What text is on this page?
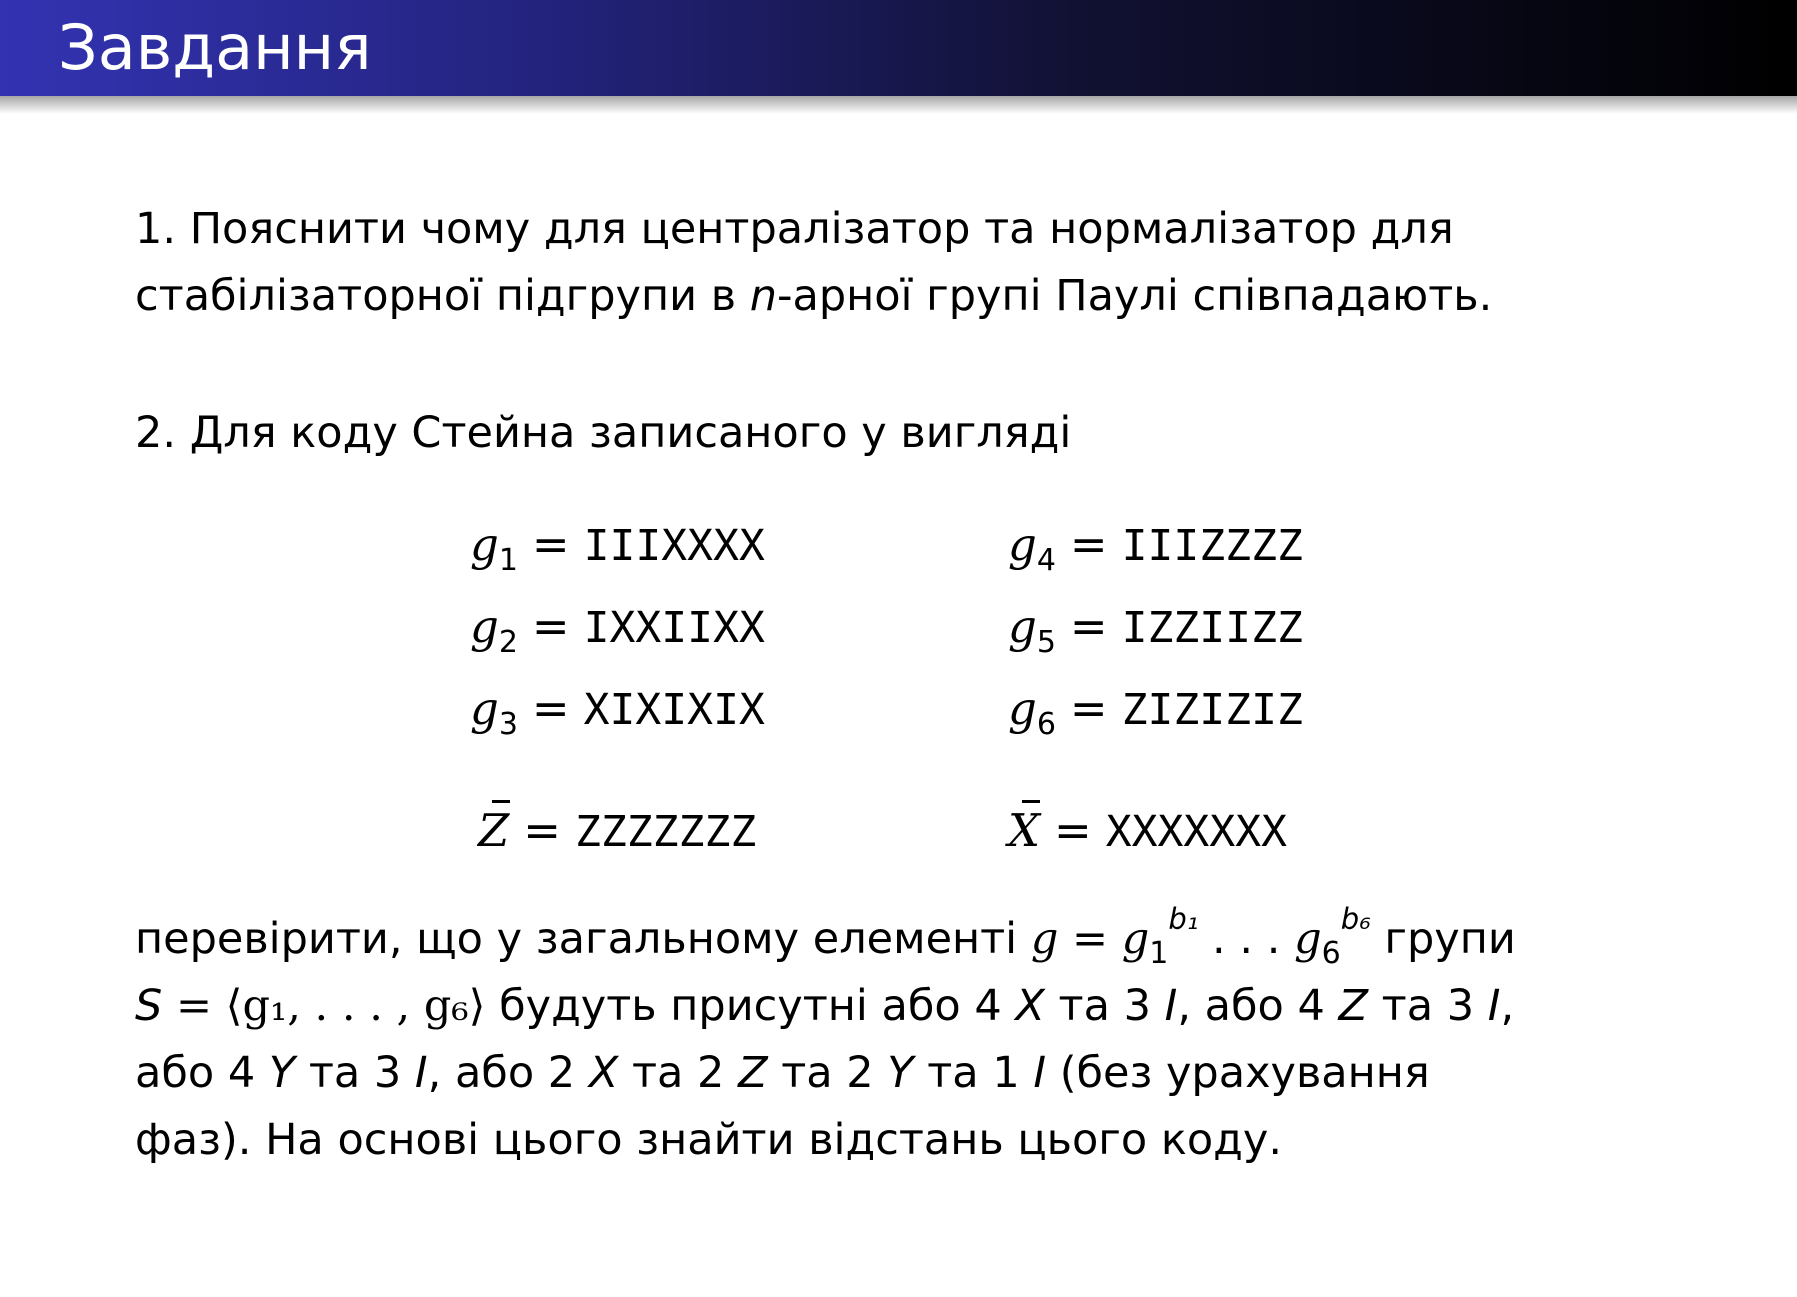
Завдання

1. Пояснити чому для централізатор та нормалізатор для

стабілізаторної підгрупи в n-арної групі Паулі співпадають.

2. Для коду Стейна записаного у вигляді

$g_1$ = IIIXXXX
$g_2$ = IXXIIXX
$g_3$ = XIXIXIX
$g_4$ = IIIZZZZ
$g_5$ = IZZIIZZ
$g_6$ = ZIZIZIZ
Z = ZZZZZZZ	X = XXXXXXX

перевірити, що у загальному елементі $g = g_1^{b_1}$ . . . $g_6^{b_6}$ групи

S = ⟨g₁, . . . , g₆⟩ будуть присутні або 4 X та 3 I, або 4 Z та 3 I,

або 4 Y та 3 I, або 2 X та 2 Z та 2 Y та 1 I (без урахування

фаз). На основі цього знайти відстань цього коду.
